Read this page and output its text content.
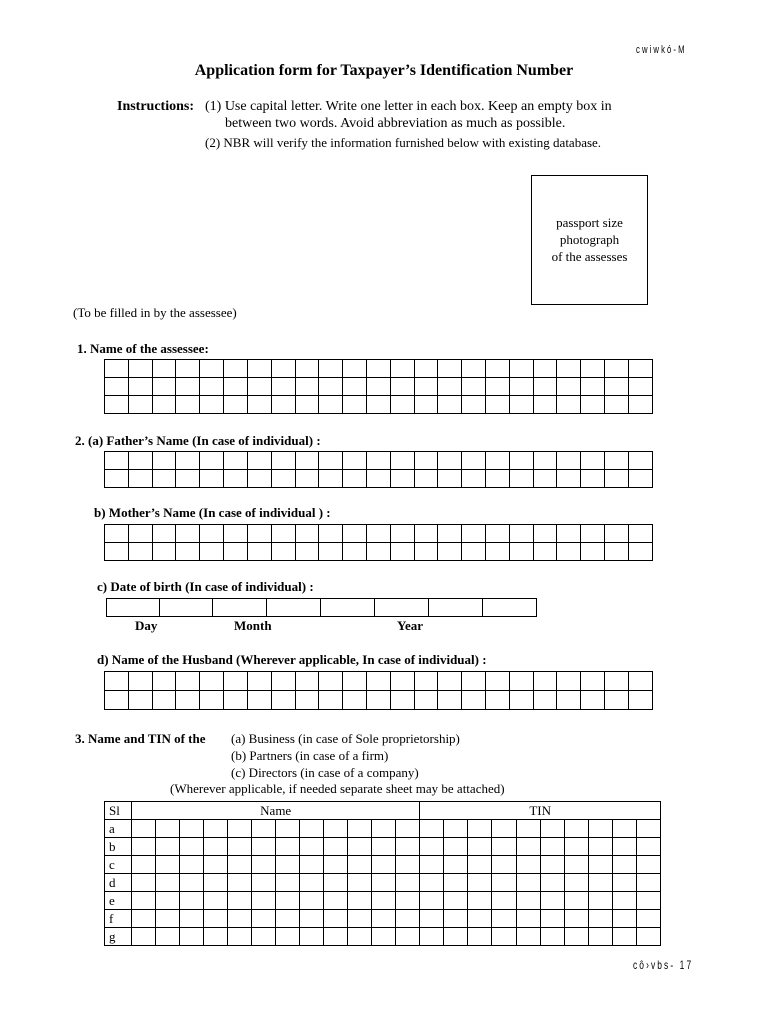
cwiwkó-M
Application form for Taxpayer’s Identification Number
Instructions: (1) Use capital letter. Write one letter in each box. Keep an empty box in
between two words. Avoid abbreviation as much as possible.
(2) NBR will verify the information furnished below with existing database.
passport size
photograph
of the assesses
(To be filled in by the assessee)
1. Name of the assessee:

2. (a) Father’s Name (In case of individual) :

b) Mother’s Name (In case of individual ) :

c) Date of birth (In case of individual) :

Day	Month	Year
d) Name of the Husband (Wherever applicable, In case of individual) :

3. Name and TIN of the (a) Business (in case of Sole proprietorship)
(b) Partners (in case of a firm)
(c) Directors (in case of a company)
(Wherever applicable, if needed separate sheet may be attached)
Sl	Name												TIN									
a																						
b																						
c																						
d																						
e																						
f																						
g																						
cô›vbs- 17
